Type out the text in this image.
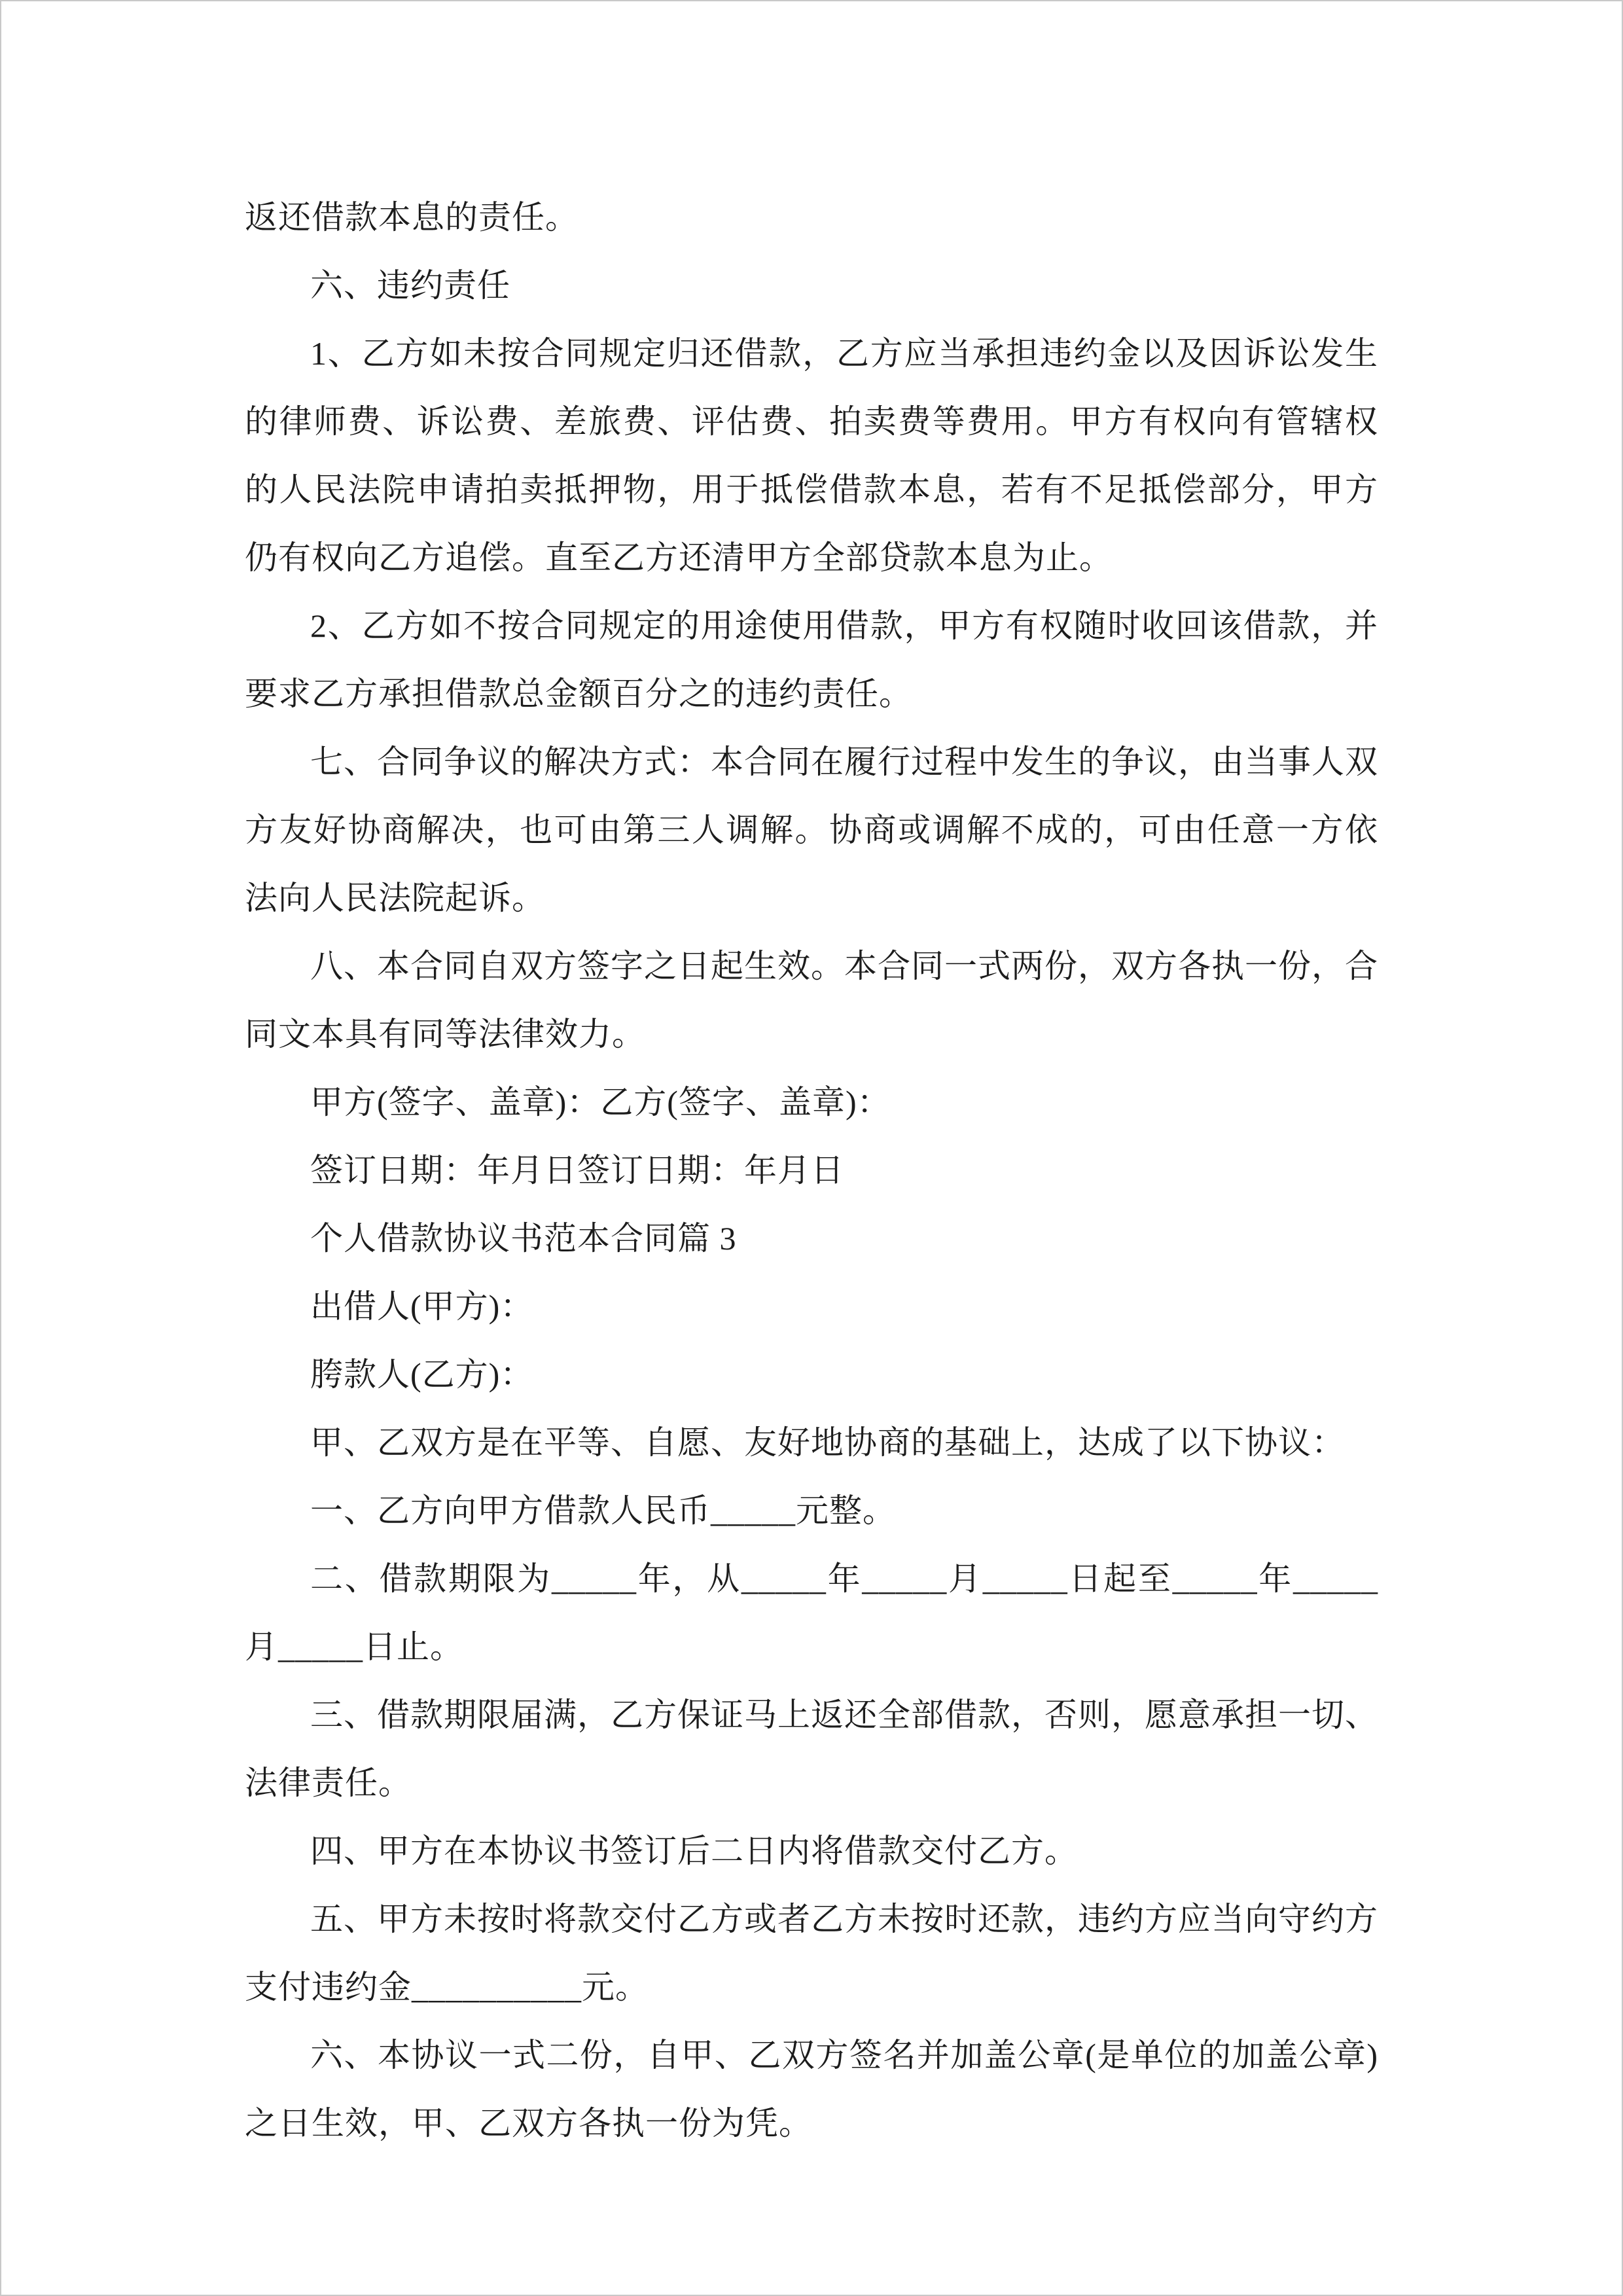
返还借款本息的责任。

六、违约责任

1、乙方如未按合同规定归还借款，乙方应当承担违约金以及因诉讼发生的律师费、诉讼费、差旅费、评估费、拍卖费等费用。甲方有权向有管辖权的人民法院申请拍卖抵押物，用于抵偿借款本息，若有不足抵偿部分，甲方仍有权向乙方追偿。直至乙方还清甲方全部贷款本息为止。

2、乙方如不按合同规定的用途使用借款，甲方有权随时收回该借款，并要求乙方承担借款总金额百分之的违约责任。

七、合同争议的解决方式：本合同在履行过程中发生的争议，由当事人双方友好协商解决，也可由第三人调解。协商或调解不成的，可由任意一方依法向人民法院起诉。

八、本合同自双方签字之日起生效。本合同一式两份，双方各执一份，合同文本具有同等法律效力。

甲方(签字、盖章)：乙方(签字、盖章)：

签订日期：年月日签订日期：年月日

个人借款协议书范本合同篇 3

出借人(甲方)：

胯款人(乙方)：

甲、乙双方是在平等、自愿、友好地协商的基础上，达成了以下协议：

一、乙方向甲方借款人民币_____元整。

二、借款期限为_____年，从_____年_____月_____日起至_____年_____月_____日止。

三、借款期限届满，乙方保证马上返还全部借款，否则，愿意承担一切、法律责任。

四、甲方在本协议书签订后二日内将借款交付乙方。

五、甲方未按时将款交付乙方或者乙方未按时还款，违约方应当向守约方支付违约金__________元。

六、本协议一式二份，自甲、乙双方签名并加盖公章(是单位的加盖公章)之日生效，甲、乙双方各执一份为凭。
